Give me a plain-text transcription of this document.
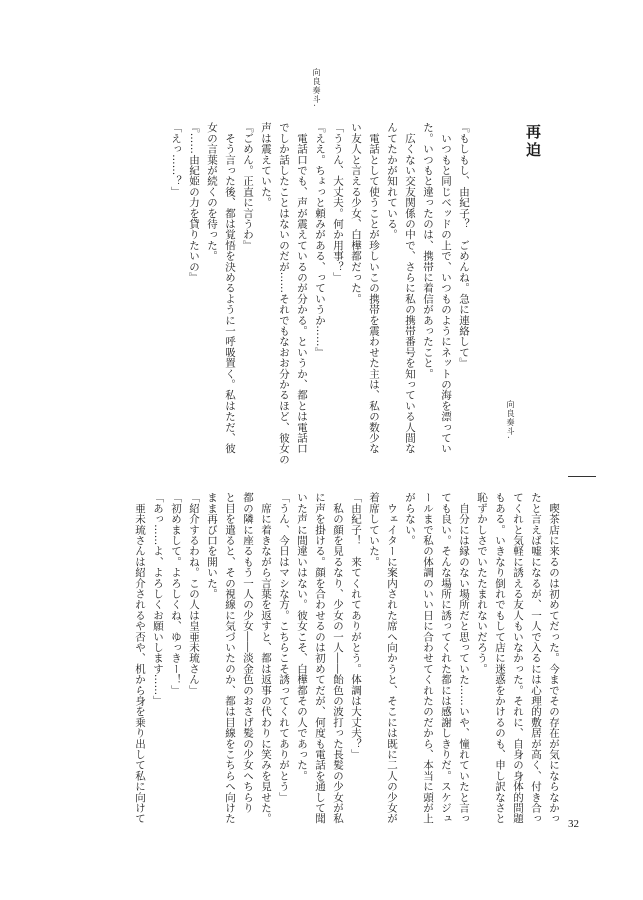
向良奏斗.
再迫
向良奏斗.
『もしもし、由紀子？　ごめんね。急に連絡して』
　いつもと同じベッドの上で、いつものようにネットの海を漂ってい
た。いつもと違ったのは、携帯に着信があったこと。
　広くない交友関係の中で、さらに私の携帯番号を知っている人間な
んてたかが知れている。
　電話として使うことが珍しいこの携帯を震わせた主は、私の数少な
い友人と言える少女、白樺都だった。
「ううん、大丈夫。何か用事？」
『ええ。ちょっと頼みがある、っていうか……』
　電話口でも、声が震えているのが分かる。というか、都とは電話口
でしか話したことはないのだが……それでもなおお分かるほど、彼女の
声は震えていた。
『ごめん。正直に言うわ』
　そう言った後、都は覚悟を決めるように一呼吸置く。私はただ、彼
女の言葉が続くのを待った。
『……由紀姫の力を貸りたいの』
「えっ……？」
　喫茶店に来るのは初めてだった。今までその存在が気にならなかっ
たと言えば嘘になるが、一人で入るには心理的敷居が高く、付き合っ
てくれと気軽に誘える友人もいなかった。それに、自身の身体的問題
もある。いきなり倒れでもして店に迷惑をかけるのも、申し訳なさと
恥ずかしさでいたたまれないだろう。
　自分には縁のない場所だと思っていた……いや、憧れていたと言っ
ても良い。そんな場所に誘ってくれた都には感謝しきりだ。スケジュ
ールまで私の体調のいい日に合わせてくれたのだから、本当に頭が上
がらない。
　ウェイターに案内された席へ向かうと、そこには既に二人の少女が
着席していた。
「由紀子！　来てくれてありがとう。体調は大丈夫？」
　私の顔を見るなり、少女の一人――飴色の波打った長髪の少女が私
に声を掛ける。顔を合わせるのは初めてだが、何度も電話を通して聞
いた声に間違いはない。彼女こそ、白樺都その人であった。
「うん、今日はマシな方。こちらこそ誘ってくれてありがとう」
　席に着きながら言葉を返すと、都は返事の代わりに笑みを見せた。
都の隣に座るもう一人の少女――淡金色のおさげ髪の少女へちらり
と目を遣ると、その視線に気づいたのか、都は目線をこちらへ向けた
まま再び口を開いた。
「紹介するわね。この人は皇亜未琉さん」
「初めまして。よろしくね、ゆっきー！」
「あっ……よ、よろしくお願いします……」
　亜未琉さんは紹介されるや否や、机から身を乗り出して私に向けて
32
